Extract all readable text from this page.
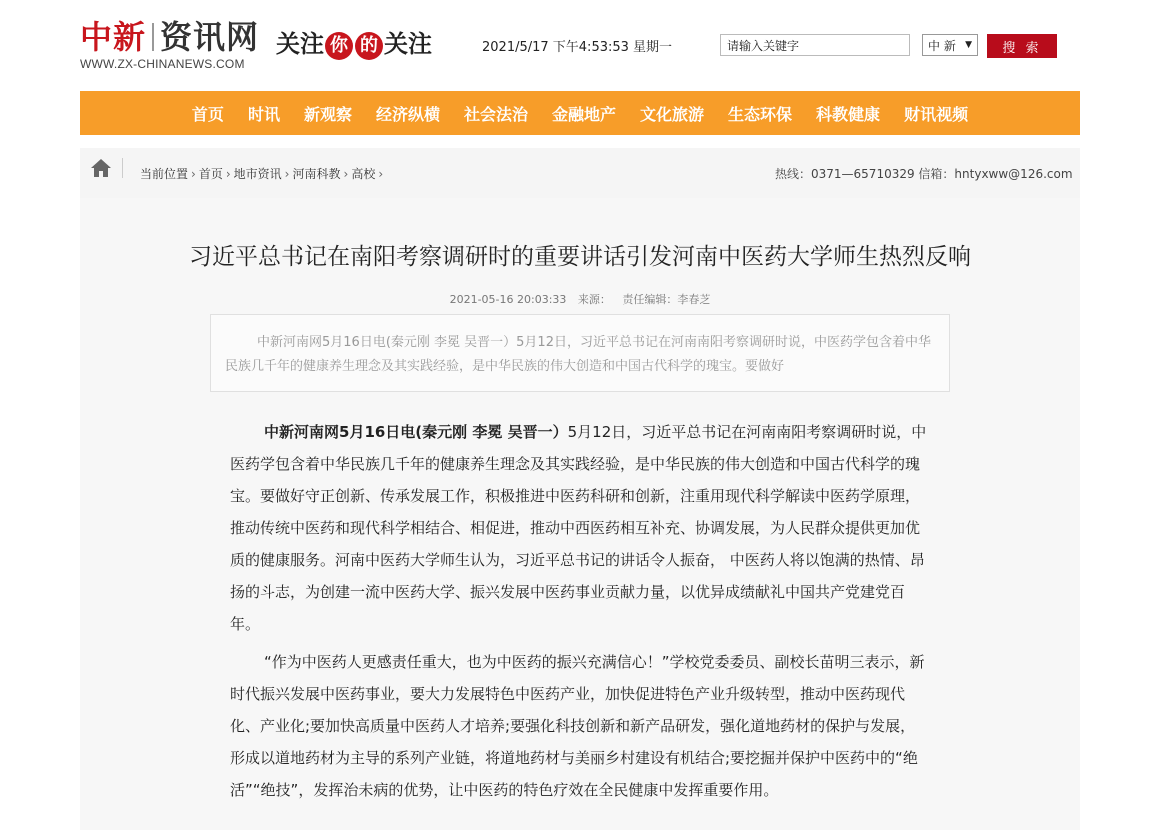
中新 资讯网
WWW.ZX-CHINANEWS.COM
关注 你 的 关注	2021/5/17 下午4:53:53 星期一
请输入关键字	中 新 ▼	搜 索
首页 时讯 新观察 经济纵横 社会法治 金融地产 文化旅游 生态环保 科教健康 财讯视频
当前位置 › 首页 › 地市资讯 › 河南科教 › 高校 ›	热线：0371—65710329 信箱：hntyxww@126.com
习近平总书记在南阳考察调研时的重要讲话引发河南中医药大学师生热烈反响
2021-05-16 20:03:33 来源： 责任编辑：李春芝
中新河南网5月16日电(秦元刚 李冕 吴晋一）5月12日，习近平总书记在河南南阳考察调研时说，中医药学包含着中华民族几千年的健康养生理念及其实践经验，是中华民族的伟大创造和中国古代科学的瑰宝。要做好

中新河南网5月16日电(秦元刚 李冕 吴晋一）5月12日，习近平总书记在河南南阳考察调研时说，中医药学包含着中华民族几千年的健康养生理念及其实践经验，是中华民族的伟大创造和中国古代科学的瑰宝。要做好守正创新、传承发展工作，积极推进中医药科研和创新，注重用现代科学解读中医药学原理，推动传统中医药和现代科学相结合、相促进，推动中西医药相互补充、协调发展，为人民群众提供更加优质的健康服务。河南中医药大学师生认为，习近平总书记的讲话令人振奋， 中医药人将以饱满的热情、昂扬的斗志，为创建一流中医药大学、振兴发展中医药事业贡献力量，以优异成绩献礼中国共产党建党百年。

“作为中医药人更感责任重大，也为中医药的振兴充满信心！”学校党委委员、副校长苗明三表示，新时代振兴发展中医药事业，要大力发展特色中医药产业，加快促进特色产业升级转型，推动中医药现代化、产业化;要加快高质量中医药人才培养;要强化科技创新和新产品研发，强化道地药材的保护与发展，形成以道地药材为主导的系列产业链，将道地药材与美丽乡村建设有机结合;要挖掘并保护中医药中的“绝活”“绝技”，发挥治未病的优势，让中医药的特色疗效在全民健康中发挥重要作用。
